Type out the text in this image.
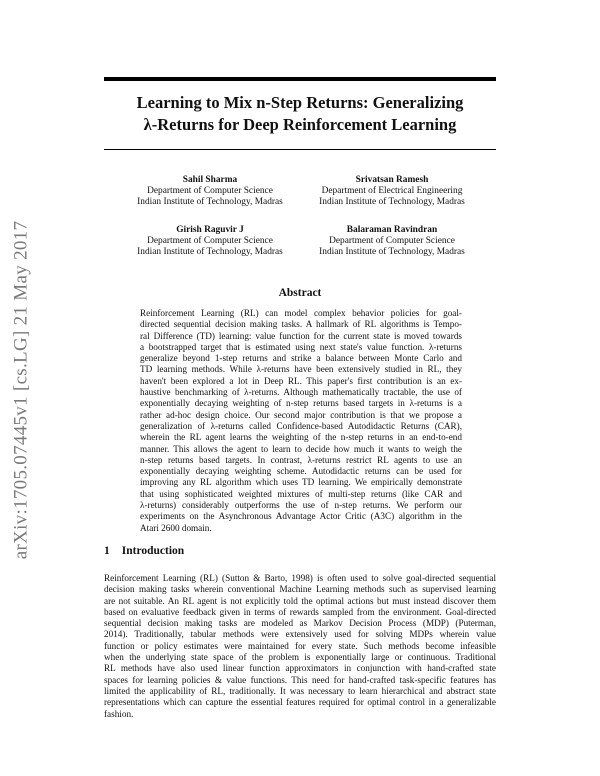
Learning to Mix n-Step Returns: Generalizing
λ-Returns for Deep Reinforcement Learning
arXiv:1705.07445v1 [cs.LG] 21 May 2017
Sahil Sharma
Department of Computer Science
Indian Institute of Technology, Madras
Srivatsan Ramesh
Department of Electrical Engineering
Indian Institute of Technology, Madras
Girish Raguvir J
Department of Computer Science
Indian Institute of Technology, Madras
Balaraman Ravindran
Department of Computer Science
Indian Institute of Technology, Madras
Abstract
Reinforcement Learning (RL) can model complex behavior policies for goal-
directed sequential decision making tasks. A hallmark of RL algorithms is Tempo-
ral Difference (TD) learning: value function for the current state is moved towards
a bootstrapped target that is estimated using next state's value function. λ-returns
generalize beyond 1-step returns and strike a balance between Monte Carlo and
TD learning methods. While λ-returns have been extensively studied in RL, they
haven't been explored a lot in Deep RL. This paper's first contribution is an ex-
haustive benchmarking of λ-returns. Although mathematically tractable, the use of
exponentially decaying weighting of n-step returns based targets in λ-returns is a
rather ad-hoc design choice. Our second major contribution is that we propose a
generalization of λ-returns called Confidence-based Autodidactic Returns (CAR),
wherein the RL agent learns the weighting of the n-step returns in an end-to-end
manner. This allows the agent to learn to decide how much it wants to weigh the
n-step returns based targets. In contrast, λ-returns restrict RL agents to use an
exponentially decaying weighting scheme. Autodidactic returns can be used for
improving any RL algorithm which uses TD learning. We empirically demonstrate
that using sophisticated weighted mixtures of multi-step returns (like CAR and
λ-returns) considerably outperforms the use of n-step returns. We perform our
experiments on the Asynchronous Advantage Actor Critic (A3C) algorithm in the
Atari 2600 domain.
1 Introduction
Reinforcement Learning (RL) (Sutton & Barto, 1998) is often used to solve goal-directed sequential
decision making tasks wherein conventional Machine Learning methods such as supervised learning
are not suitable. An RL agent is not explicitly told the optimal actions but must instead discover them
based on evaluative feedback given in terms of rewards sampled from the environment. Goal-directed
sequential decision making tasks are modeled as Markov Decision Process (MDP) (Puterman,
2014). Traditionally, tabular methods were extensively used for solving MDPs wherein value
function or policy estimates were maintained for every state. Such methods become infeasible
when the underlying state space of the problem is exponentially large or continuous. Traditional
RL methods have also used linear function approximators in conjunction with hand-crafted state
spaces for learning policies & value functions. This need for hand-crafted task-specific features has
limited the applicability of RL, traditionally. It was necessary to learn hierarchical and abstract state
representations which can capture the essential features required for optimal control in a generalizable
fashion.
